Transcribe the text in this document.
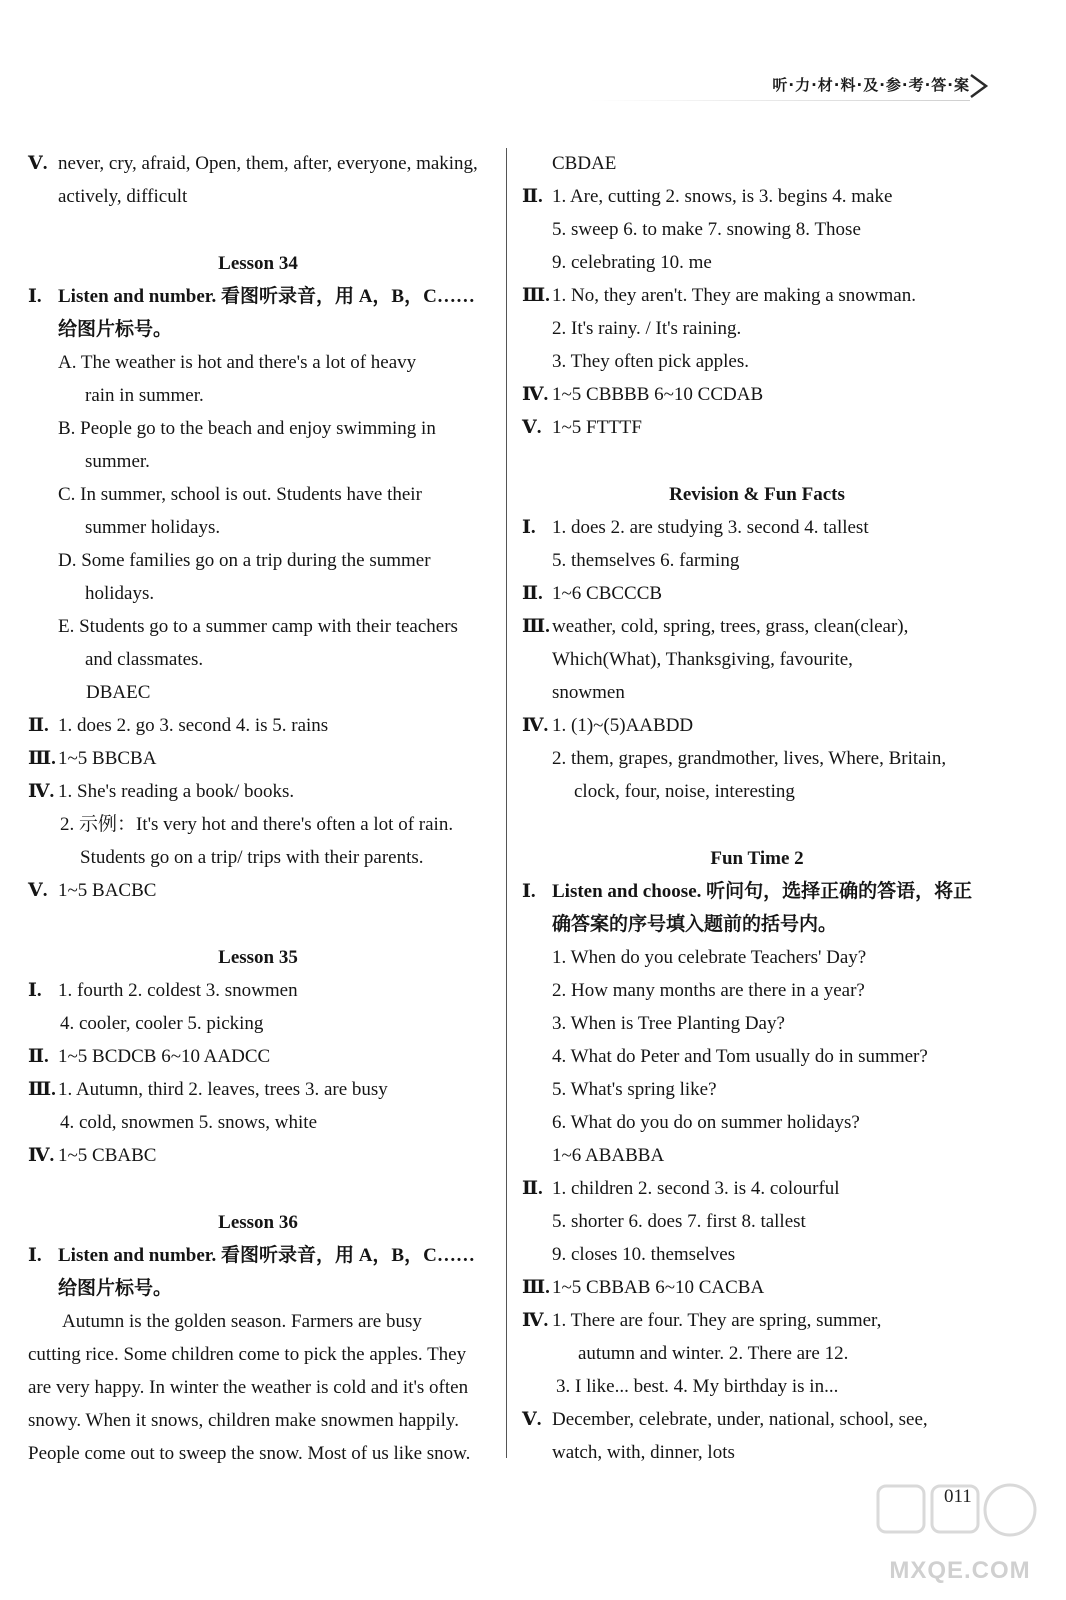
听·力·材·料·及·参·考·答·案
Ⅴ. never, cry, afraid, Open, them, after, everyone, making,
actively, difficult
Lesson 34
Ⅰ. Listen and number. 看图听录音，用 A，B，C……
给图片标号。
A. The weather is hot and there's a lot of heavy
rain in summer.
B. People go to the beach and enjoy swimming in
summer.
C. In summer, school is out. Students have their
summer holidays.
D. Some families go on a trip during the summer
holidays.
E. Students go to a summer camp with their teachers
and classmates.
DBAEC
Ⅱ. 1. does 2. go 3. second 4. is 5. rains
Ⅲ. 1~5 BBCBA
Ⅳ. 1. She's reading a book/ books.
2. 示例：It's very hot and there's often a lot of rain.
Students go on a trip/ trips with their parents.
Ⅴ. 1~5 BACBC
Lesson 35
Ⅰ. 1. fourth 2. coldest 3. snowmen
4. cooler, cooler 5. picking
Ⅱ. 1~5 BCDCB 6~10 AADCC
Ⅲ. 1. Autumn, third 2. leaves, trees 3. are busy
4. cold, snowmen 5. snows, white
Ⅳ. 1~5 CBABC
Lesson 36
Ⅰ. Listen and number. 看图听录音，用 A，B，C……
给图片标号。
Autumn is the golden season. Farmers are busy
cutting rice. Some children come to pick the apples. They
are very happy. In winter the weather is cold and it's often
snowy. When it snows, children make snowmen happily.
People come out to sweep the snow. Most of us like snow.
CBDAE
Ⅱ. 1. Are, cutting 2. snows, is 3. begins 4. make
5. sweep 6. to make 7. snowing 8. Those
9. celebrating 10. me
Ⅲ. 1. No, they aren't. They are making a snowman.
2. It's rainy. / It's raining.
3. They often pick apples.
Ⅳ. 1~5 CBBBB 6~10 CCDAB
Ⅴ. 1~5 FTTTF
Revision & Fun Facts
Ⅰ. 1. does 2. are studying 3. second 4. tallest
5. themselves 6. farming
Ⅱ. 1~6 CBCCCB
Ⅲ. weather, cold, spring, trees, grass, clean(clear),
Which(What), Thanksgiving, favourite,
snowmen
Ⅳ. 1. (1)~(5)AABDD
2. them, grapes, grandmother, lives, Where, Britain,
clock, four, noise, interesting
Fun Time 2
Ⅰ. Listen and choose. 听问句，选择正确的答语，将正
确答案的序号填入题前的括号内。
1. When do you celebrate Teachers' Day?
2. How many months are there in a year?
3. When is Tree Planting Day?
4. What do Peter and Tom usually do in summer?
5. What's spring like?
6. What do you do on summer holidays?
1~6 ABABBA
Ⅱ. 1. children 2. second 3. is 4. colourful
5. shorter 6. does 7. first 8. tallest
9. closes 10. themselves
Ⅲ. 1~5 CBBAB 6~10 CACBA
Ⅳ. 1. There are four. They are spring, summer,
autumn and winter. 2. There are 12.
3. I like... best. 4. My birthday is in...
Ⅴ. December, celebrate, under, national, school, see,
watch, with, dinner, lots
011
MXQE.COM
